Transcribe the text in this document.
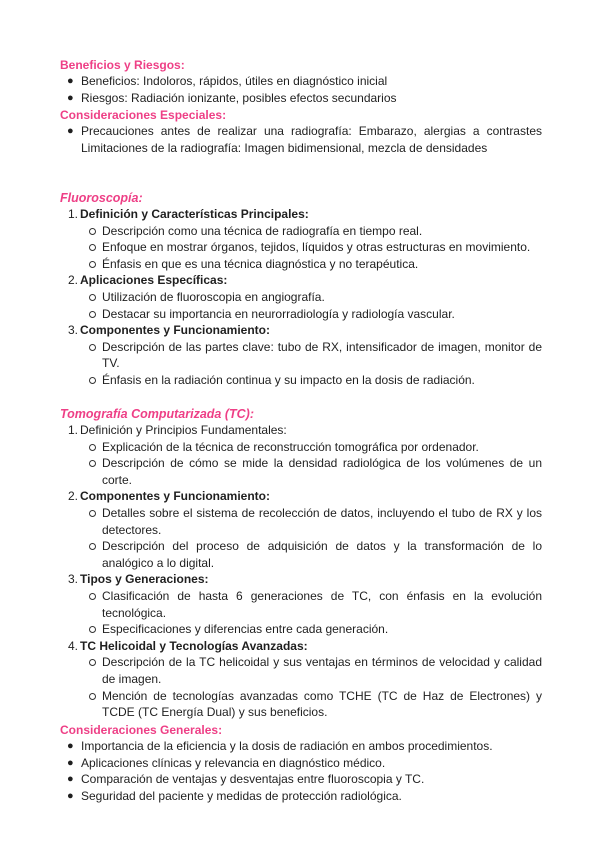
Beneficios y Riesgos:
● Beneficios: Indoloros, rápidos, útiles en diagnóstico inicial
● Riesgos: Radiación ionizante, posibles efectos secundarios
Consideraciones Especiales:
● Precauciones antes de realizar una radiografía: Embarazo, alergias a contrastes Limitaciones de la radiografía: Imagen bidimensional, mezcla de densidades
Fluoroscopía:
1. Definición y Características Principales:
Descripción como una técnica de radiografía en tiempo real.
Enfoque en mostrar órganos, tejidos, líquidos y otras estructuras en movimiento.
Énfasis en que es una técnica diagnóstica y no terapéutica.
2. Aplicaciones Específicas:
Utilización de fluoroscopia en angiografía.
Destacar su importancia en neurorradiología y radiología vascular.
3. Componentes y Funcionamiento:
Descripción de las partes clave: tubo de RX, intensificador de imagen, monitor de TV.
Énfasis en la radiación continua y su impacto en la dosis de radiación.
Tomografía Computarizada (TC):
1. Definición y Principios Fundamentales:
Explicación de la técnica de reconstrucción tomográfica por ordenador.
Descripción de cómo se mide la densidad radiológica de los volúmenes de un corte.
2. Componentes y Funcionamiento:
Detalles sobre el sistema de recolección de datos, incluyendo el tubo de RX y los detectores.
Descripción del proceso de adquisición de datos y la transformación de lo analógico a lo digital.
3. Tipos y Generaciones:
Clasificación de hasta 6 generaciones de TC, con énfasis en la evolución tecnológica.
Especificaciones y diferencias entre cada generación.
4. TC Helicoidal y Tecnologías Avanzadas:
Descripción de la TC helicoidal y sus ventajas en términos de velocidad y calidad de imagen.
Mención de tecnologías avanzadas como TCHE (TC de Haz de Electrones) y TCDE (TC Energía Dual) y sus beneficios.
Consideraciones Generales:
● Importancia de la eficiencia y la dosis de radiación en ambos procedimientos.
● Aplicaciones clínicas y relevancia en diagnóstico médico.
● Comparación de ventajas y desventajas entre fluoroscopia y TC.
● Seguridad del paciente y medidas de protección radiológica.
